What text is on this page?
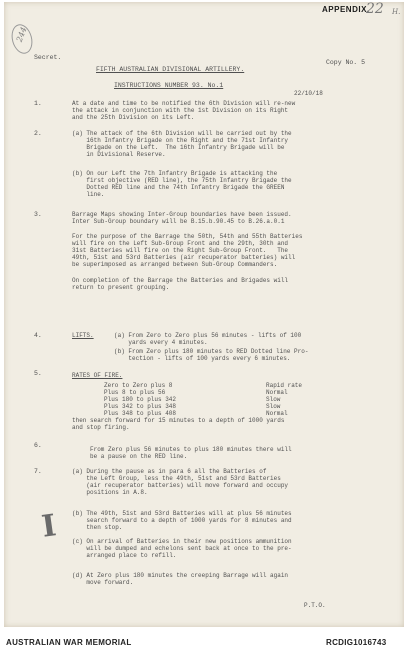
244
APPENDIX.
22 H.
Secret.
Copy No. 5
FIFTH AUSTRALIAN DIVISIONAL ARTILLERY.
INSTRUCTIONS NUMBER 93. No.1
22/10/18
1.	At a date and time to be notified the 6th Division will re-new
the attack in conjunction with the 1st Division on its Right
and the 25th Division on its Left.
2.	(a) The attack of the 6th Division will be carried out by the
16th Infantry Brigade on the Right and the 71st Infantry
Brigade on the Left.  The 16th Infantry Brigade will be
in Divisional Reserve.
(b) On our Left the 7th Infantry Brigade is attacking the
first objective (RED line), the 75th Infantry Brigade the
Dotted RED line and the 74th Infantry Brigade the GREEN
line.
3.	Barrage Maps showing Inter-Group boundaries have been issued.
Inter Sub-Group boundary will be B.15.b.90.45 to B.26.a.0.1
For the purpose of the Barrage the 50th, 54th and 55th Batteries
will fire on the Left Sub-Group Front and the 29th, 30th and
31st Batteries will fire on the Right Sub-Group Front.   The
49th, 51st and 53rd Batteries (air recuperator batteries) will
be superimposed as arranged between Sub-Group Commanders.
On completion of the Barrage the Batteries and Brigades will
return to present grouping.
4.	LIFTS.	(a) From Zero to Zero plus 56 minutes - lifts of 100
yards every 4 minutes.
(b) From Zero plus 180 minutes to RED Dotted line Pro-
tection - lifts of 100 yards every 6 minutes.
5.	RATES OF FIRE.
Zero to Zero plus 8	Rapid rate
Plus 8 to plus 56	Normal
Plus 180 to plus 342	Slow
Plus 342 to plus 348	Slow
Plus 348 to plus 408	Normal
then search forward for 15 minutes to a depth of 1000 yards
and stop firing.
6.
From Zero plus 56 minutes to plus 180 minutes there will
be a pause on the RED line.
7.	(a) During the pause as in para 6 all the Batteries of
the Left Group, less the 49th, 51st and 53rd Batteries
(air recuperator batteries) will move forward and occupy
positions in A.8.
I (b) The 49th, 51st and 53rd Batteries will at plus 56 minutes
search forward to a depth of 1000 yards for 8 minutes and
then stop.
(c) On arrival of Batteries in their new positions ammunition
will be dumped and echelons sent back at once to the pre-
arranged place to refill.
(d) At Zero plus 180 minutes the creeping Barrage will again
move forward.
P.T.O.
AUSTRALIAN WAR MEMORIAL	RCDIG1016743
